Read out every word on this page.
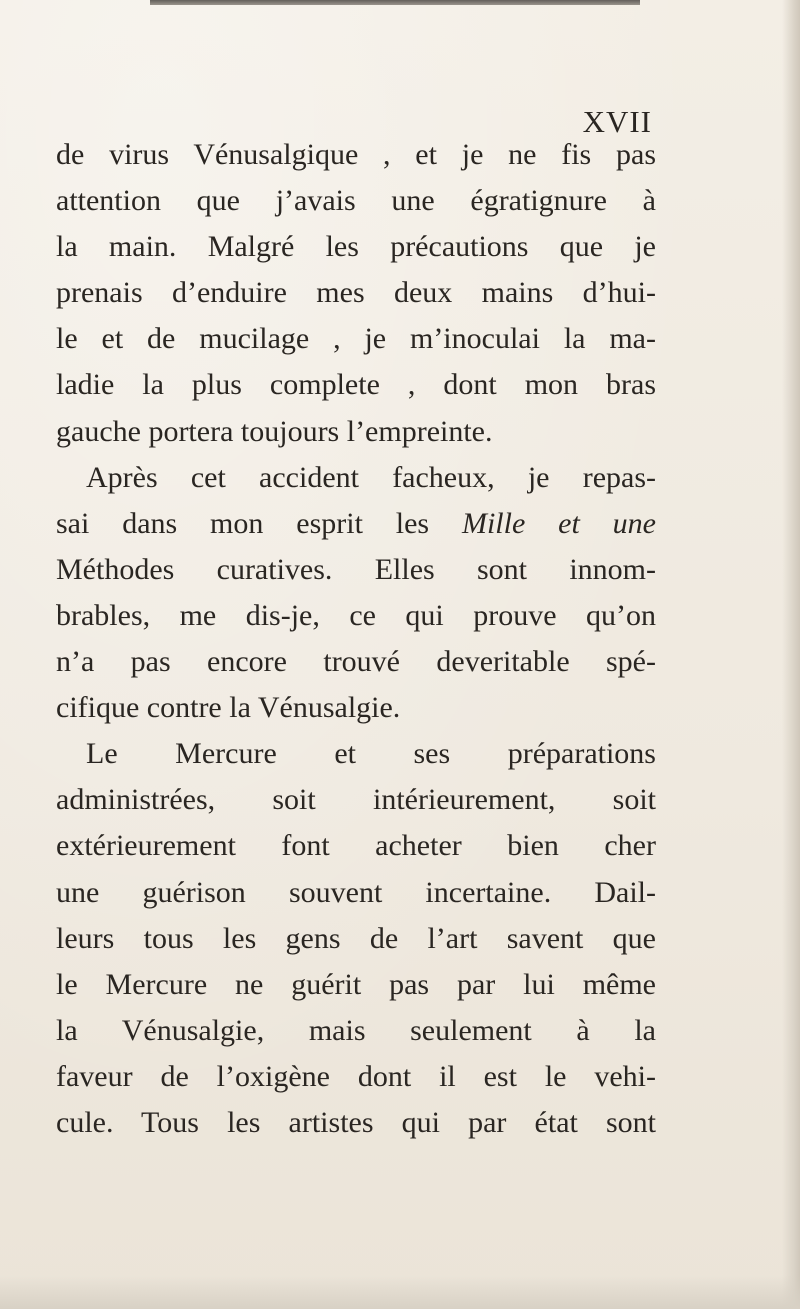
XVII
de virus Vénusalgique , et je ne fis pas
attention que j’avais une égratignure à
la main. Malgré les précautions que je
prenais d’enduire mes deux mains d’hui-
le et de mucilage , je m’inoculai la ma-
ladie la plus complete , dont mon bras
gauche portera toujours l’empreinte.
Après cet accident facheux, je repas-
sai dans mon esprit les Mille et une
Méthodes curatives. Elles sont innom-
brables, me dis-je, ce qui prouve qu’on
n’a pas encore trouvé deveritable spé-
cifique contre la Vénusalgie.
Le Mercure et ses préparations
administrées, soit intérieurement, soit
extérieurement font acheter bien cher
une guérison souvent incertaine. Dail-
leurs tous les gens de l’art savent que
le Mercure ne guérit pas par lui même
la Vénusalgie, mais seulement à la
faveur de l’oxigène dont il est le vehi-
cule. Tous les artistes qui par état sont
